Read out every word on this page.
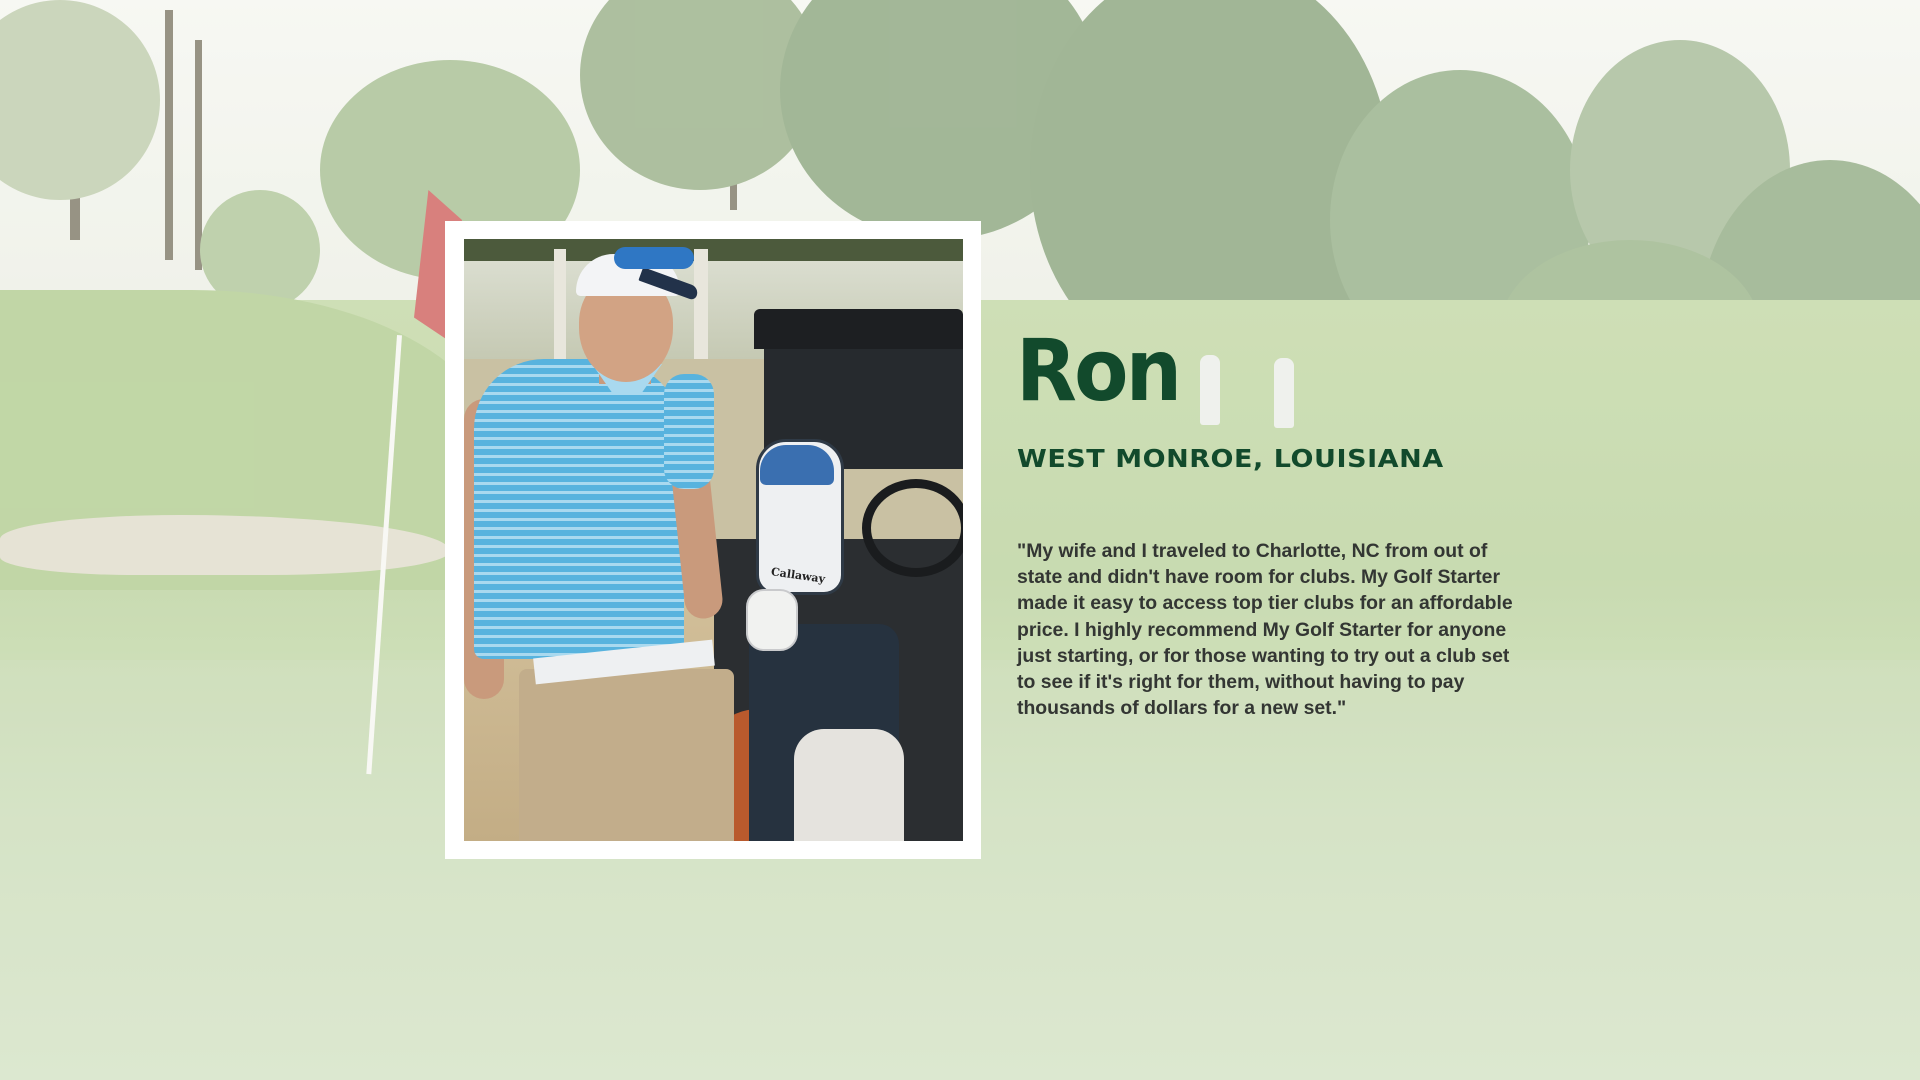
Callaway
Ron
WEST MONROE, LOUISIANA

"My wife and I traveled to Charlotte, NC from out of state and didn't have room for clubs. My Golf Starter made it easy to access top tier clubs for an affordable price. I highly recommend My Golf Starter for anyone just starting, or for those wanting to try out a club set to see if it's right for them, without having to pay thousands of dollars for a new set."
